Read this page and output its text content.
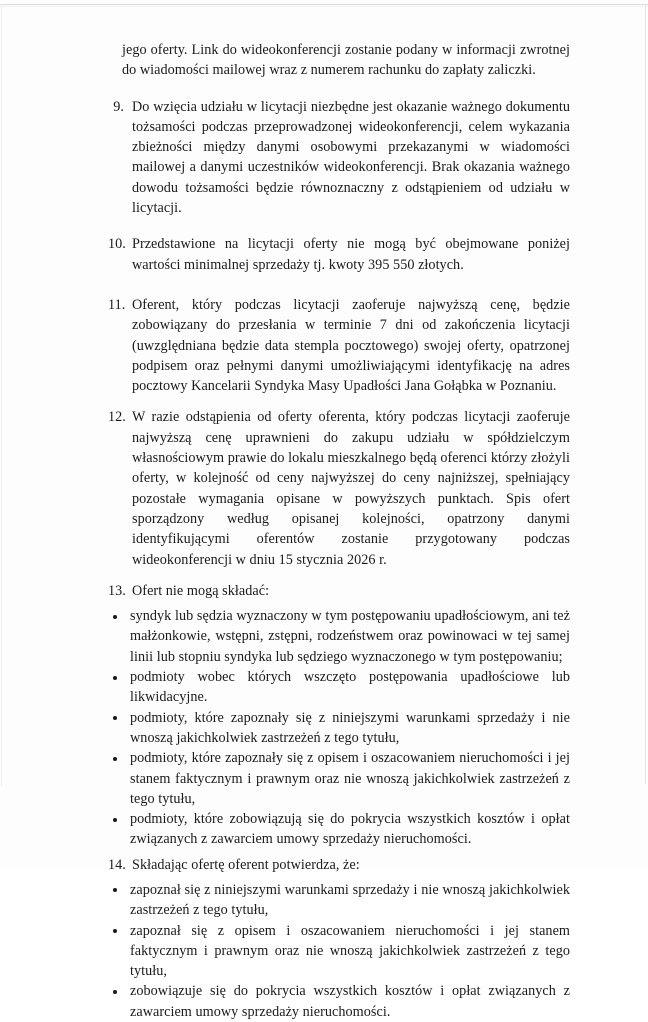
jego oferty. Link do wideokonferencji zostanie podany w informacji zwrotnej do wiadomości mailowej wraz z numerem rachunku do zapłaty zaliczki.

9. Do wzięcia udziału w licytacji niezbędne jest okazanie ważnego dokumentu tożsamości podczas przeprowadzonej wideokonferencji, celem wykazania zbieżności między danymi osobowymi przekazanymi w wiadomości mailowej a danymi uczestników wideokonferencji. Brak okazania ważnego dowodu tożsamości będzie równoznaczny z odstąpieniem od udziału w licytacji.
10. Przedstawione na licytacji oferty nie mogą być obejmowane poniżej wartości minimalnej sprzedaży tj. kwoty 395 550 złotych.
11. Oferent, który podczas licytacji zaoferuje najwyższą cenę, będzie zobowiązany do przesłania w terminie 7 dni od zakończenia licytacji (uwzględniana będzie data stempla pocztowego) swojej oferty, opatrzonej podpisem oraz pełnymi danymi umożliwiającymi identyfikację na adres pocztowy Kancelarii Syndyka Masy Upadłości Jana Gołąbka w Poznaniu.
12. W razie odstąpienia od oferty oferenta, który podczas licytacji zaoferuje najwyższą cenę uprawnieni do zakupu udziału w spółdzielczym własnościowym prawie do lokalu mieszkalnego będą oferenci którzy złożyli oferty, w kolejność od ceny najwyższej do ceny najniższej, spełniający pozostałe wymagania opisane w powyższych punktach. Spis ofert sporządzony według opisanej kolejności, opatrzony danymi identyfikującymi oferentów zostanie przygotowany podczas wideokonferencji w dniu 15 stycznia 2026 r.
13. Ofert nie mogą składać:
syndyk lub sędzia wyznaczony w tym postępowaniu upadłościowym, ani też małżonkowie, wstępni, zstępni, rodzeństwem oraz powinowaci w tej samej linii lub stopniu syndyka lub sędziego wyznaczonego w tym postępowaniu;
podmioty wobec których wszczęto postępowania upadłościowe lub likwidacyjne.
podmioty, które zapoznały się z niniejszymi warunkami sprzedaży i nie wnoszą jakichkolwiek zastrzeżeń z tego tytułu,
podmioty, które zapoznały się z opisem i oszacowaniem nieruchomości i jej stanem faktycznym i prawnym oraz nie wnoszą jakichkolwiek zastrzeżeń z tego tytułu,
podmioty, które zobowiązują się do pokrycia wszystkich kosztów i opłat związanych z zawarciem umowy sprzedaży nieruchomości.
14. Składając ofertę oferent potwierdza, że:
zapoznał się z niniejszymi warunkami sprzedaży i nie wnoszą jakichkolwiek zastrzeżeń z tego tytułu,
zapoznał się z opisem i oszacowaniem nieruchomości i jej stanem faktycznym i prawnym oraz nie wnoszą jakichkolwiek zastrzeżeń z tego tytułu,
zobowiązuje się do pokrycia wszystkich kosztów i opłat związanych z zawarciem umowy sprzedaży nieruchomości.
